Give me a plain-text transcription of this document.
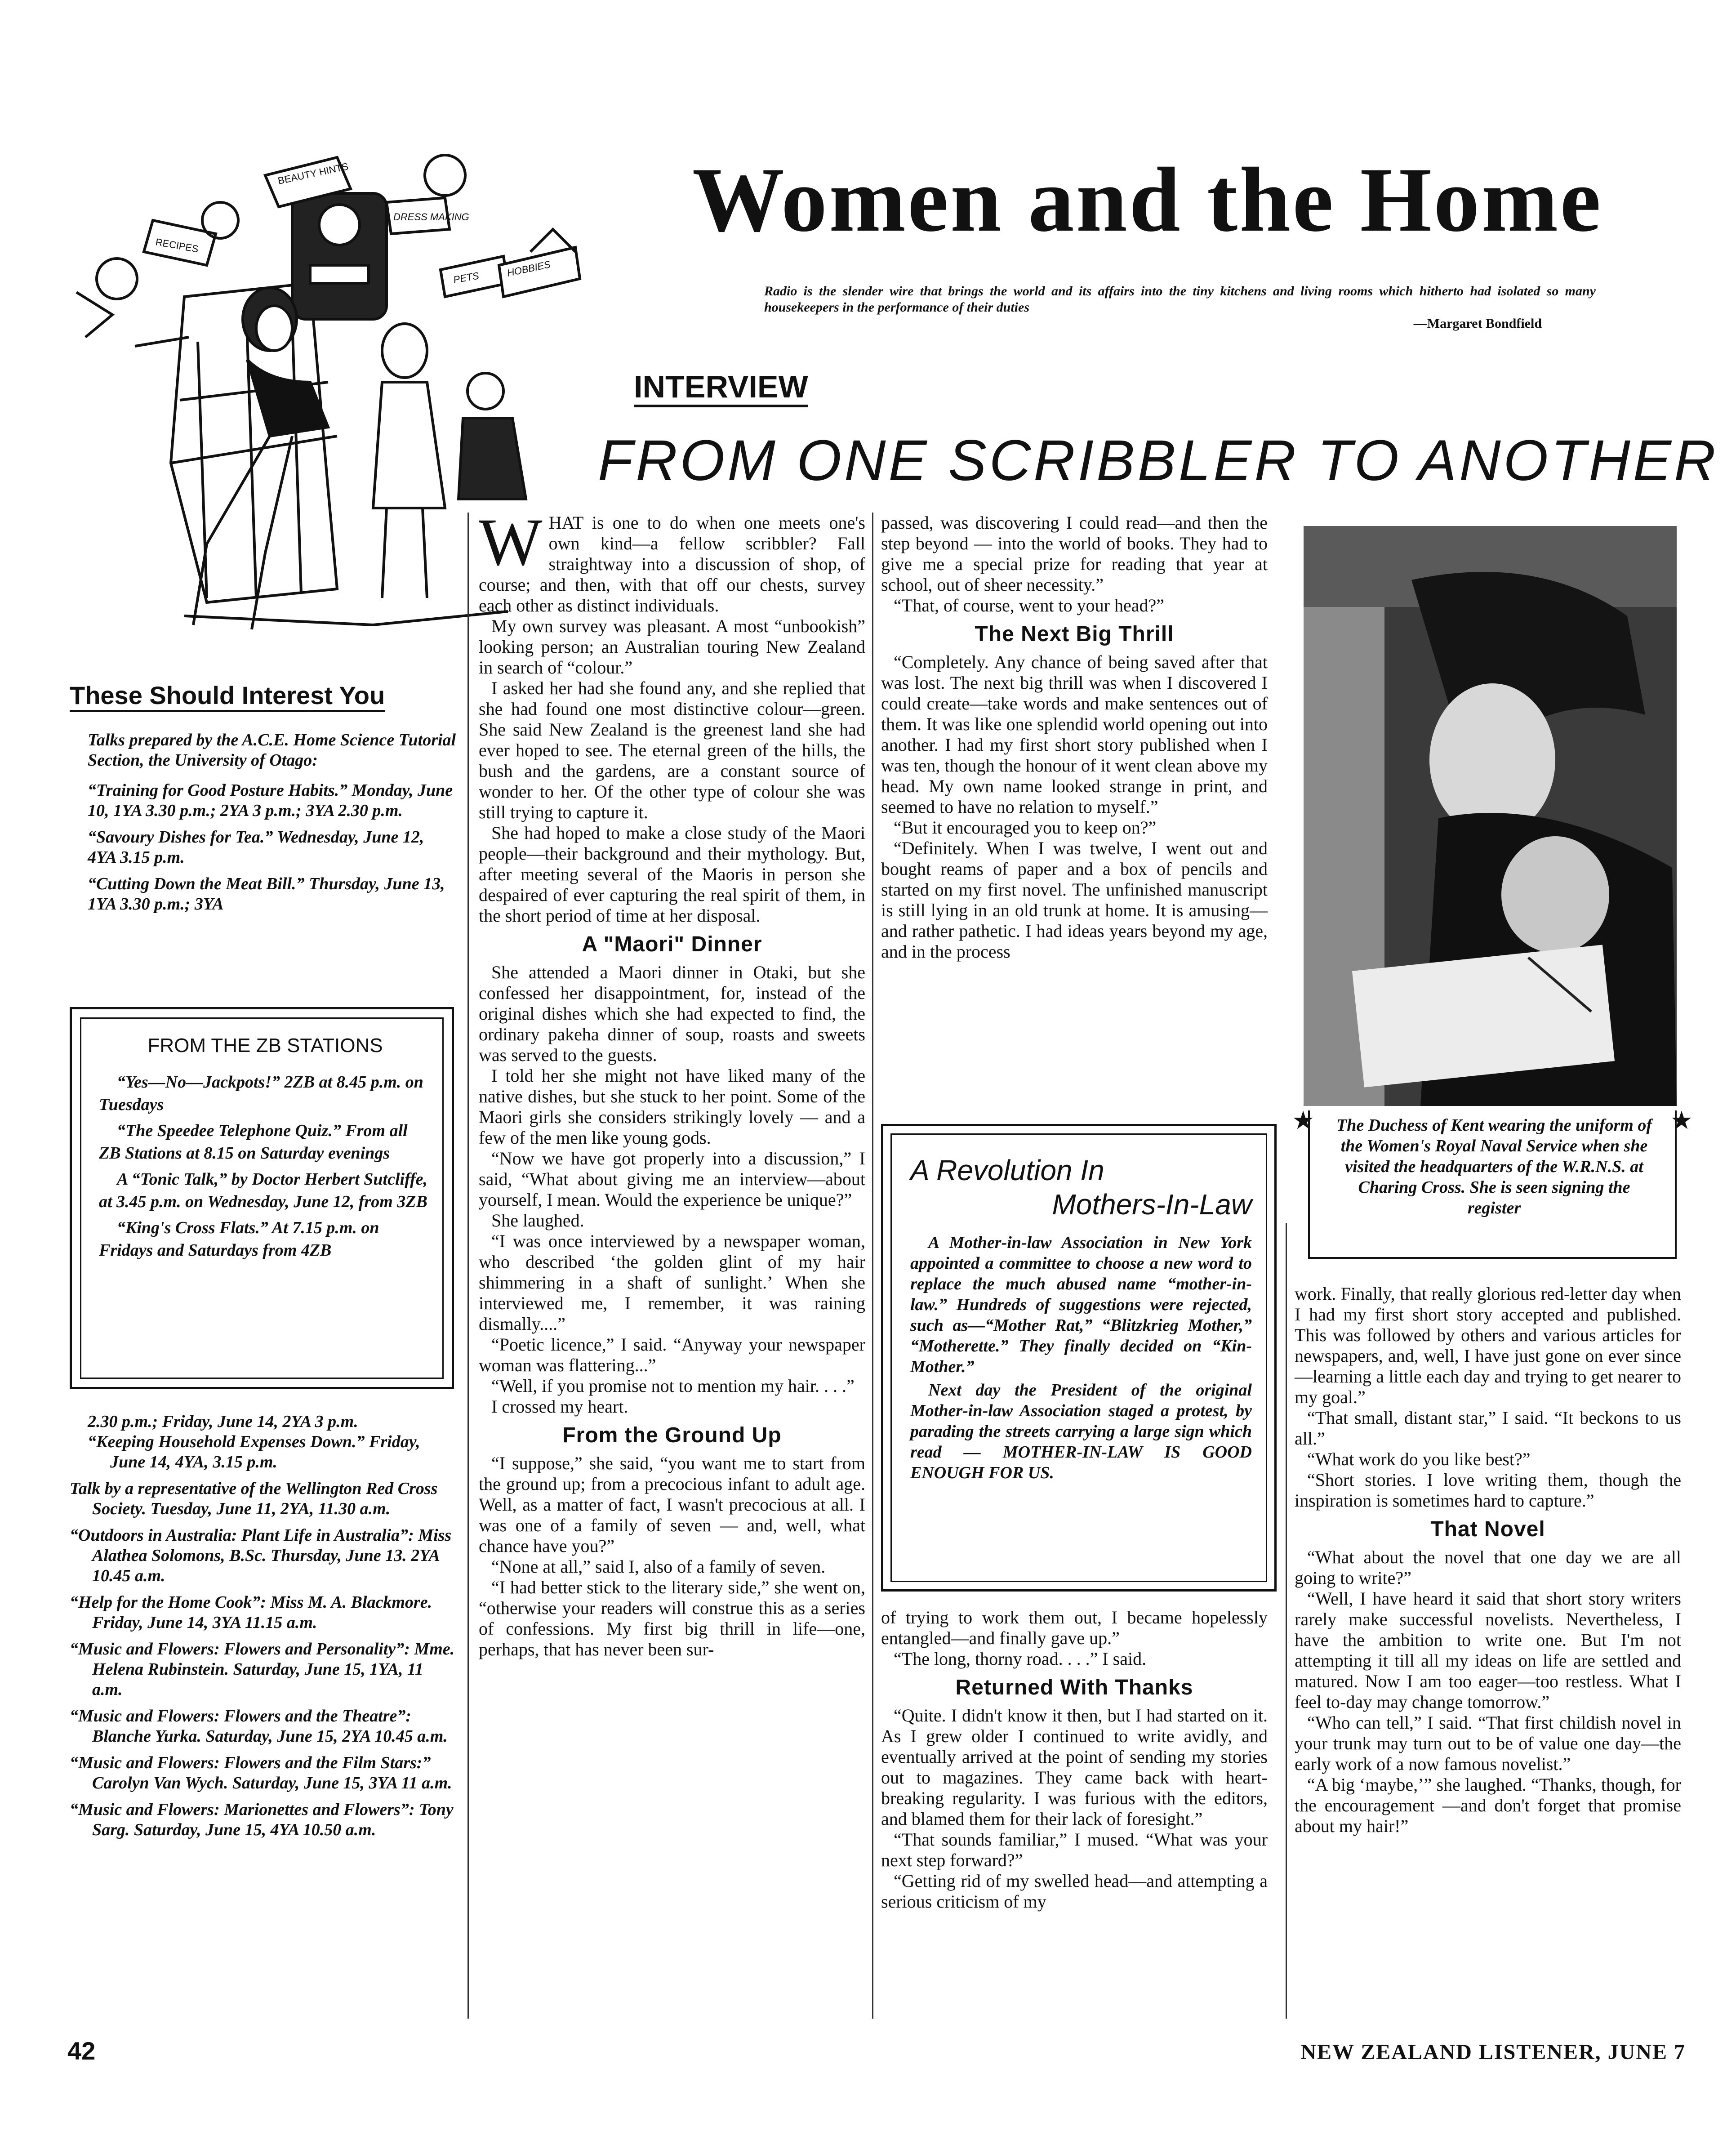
BEAUTY HINTS
RECIPES
DRESS MAKING
PETS	HOBBIES
Women and the Home
Radio is the slender wire that brings the world and its affairs into the tiny kitchens and living rooms which hitherto had isolated so many housekeepers in the performance of their duties
—Margaret Bondfield
INTERVIEW
FROM ONE SCRIBBLER TO ANOTHER
These Should Interest You

Talks prepared by the A.C.E. Home Science Tutorial Section, the University of Otago:

“Training for Good Posture Habits.” Monday, June 10, 1YA 3.30 p.m.; 2YA 3 p.m.; 3YA 2.30 p.m.

“Savoury Dishes for Tea.” Wednesday, June 12, 4YA 3.15 p.m.

“Cutting Down the Meat Bill.” Thursday, June 13, 1YA 3.30 p.m.; 3YA

FROM THE ZB STATIONS

“Yes—No—Jackpots!” 2ZB at 8.45 p.m. on Tuesdays

“The Speedee Telephone Quiz.” From all ZB Stations at 8.15 on Saturday evenings

A “Tonic Talk,” by Doctor Herbert Sutcliffe, at 3.45 p.m. on Wednesday, June 12, from 3ZB

“King's Cross Flats.” At 7.15 p.m. on Fridays and Saturdays from 4ZB

2.30 p.m.; Friday, June 14, 2YA 3 p.m.

“Keeping Household Expenses Down.” Friday, June 14, 4YA, 3.15 p.m.

Talk by a representative of the Wellington Red Cross Society. Tuesday, June 11, 2YA, 11.30 a.m.

“Outdoors in Australia: Plant Life in Australia”: Miss Alathea Solomons, B.Sc. Thursday, June 13. 2YA 10.45 a.m.

“Help for the Home Cook”: Miss M. A. Blackmore. Friday, June 14, 3YA 11.15 a.m.

“Music and Flowers: Flowers and Personality”: Mme. Helena Rubinstein. Saturday, June 15, 1YA, 11 a.m.

“Music and Flowers: Flowers and the Theatre”: Blanche Yurka. Saturday, June 15, 2YA 10.45 a.m.

“Music and Flowers: Flowers and the Film Stars:” Carolyn Van Wych. Saturday, June 15, 3YA 11 a.m.

“Music and Flowers: Marionettes and Flowers”: Tony Sarg. Saturday, June 15, 4YA 10.50 a.m.

WHAT is one to do when one meets one's own kind—a fellow scribbler? Fall straightway into a discussion of shop, of course; and then, with that off our chests, survey each other as distinct individuals.

My own survey was pleasant. A most “unbookish” looking person; an Australian touring New Zealand in search of “colour.”

I asked her had she found any, and she replied that she had found one most distinctive colour—green. She said New Zealand is the greenest land she had ever hoped to see. The eternal green of the hills, the bush and the gardens, are a constant source of wonder to her. Of the other type of colour she was still trying to capture it.

She had hoped to make a close study of the Maori people—their background and their mythology. But, after meeting several of the Maoris in person she despaired of ever capturing the real spirit of them, in the short period of time at her disposal.

A "Maori" Dinner

She attended a Maori dinner in Otaki, but she confessed her disappointment, for, instead of the original dishes which she had expected to find, the ordinary pakeha dinner of soup, roasts and sweets was served to the guests.

I told her she might not have liked many of the native dishes, but she stuck to her point. Some of the Maori girls she considers strikingly lovely — and a few of the men like young gods.

“Now we have got properly into a discussion,” I said, “What about giving me an interview—about yourself, I mean. Would the experience be unique?”

She laughed.

“I was once interviewed by a newspaper woman, who described ‘the golden glint of my hair shimmering in a shaft of sunlight.’ When she interviewed me, I remember, it was raining dismally....”

“Poetic licence,” I said. “Anyway your newspaper woman was flattering...”

“Well, if you promise not to mention my hair. . . .”

I crossed my heart.

From the Ground Up

“I suppose,” she said, “you want me to start from the ground up; from a precocious infant to adult age. Well, as a matter of fact, I wasn't precocious at all. I was one of a family of seven — and, well, what chance have you?”

“None at all,” said I, also of a family of seven.

“I had better stick to the literary side,” she went on, “otherwise your readers will construe this as a series of confessions. My first big thrill in life—one, perhaps, that has never been sur-

passed, was discovering I could read—and then the step beyond — into the world of books. They had to give me a special prize for reading that year at school, out of sheer necessity.”

“That, of course, went to your head?”

The Next Big Thrill

“Completely. Any chance of being saved after that was lost. The next big thrill was when I discovered I could create—take words and make sentences out of them. It was like one splendid world opening out into another. I had my first short story published when I was ten, though the honour of it went clean above my head. My own name looked strange in print, and seemed to have no relation to myself.”

“But it encouraged you to keep on?”

“Definitely. When I was twelve, I went out and bought reams of paper and a box of pencils and started on my first novel. The unfinished manuscript is still lying in an old trunk at home. It is amusing—and rather pathetic. I had ideas years beyond my age, and in the process

A Revolution In
Mothers-In-Law

A Mother-in-law Association in New York appointed a committee to choose a new word to replace the much abused name “mother-in-law.” Hundreds of suggestions were rejected, such as—“Mother Rat,” “Blitzkrieg Mother,” “Motherette.” They finally decided on “Kin-Mother.”

Next day the President of the original Mother-in-law Association staged a protest, by parading the streets carrying a large sign which read — MOTHER-IN-LAW IS GOOD ENOUGH FOR US.

of trying to work them out, I became hopelessly entangled—and finally gave up.”

“The long, thorny road. . . .” I said.

Returned With Thanks

“Quite. I didn't know it then, but I had started on it. As I grew older I continued to write avidly, and eventually arrived at the point of sending my stories out to magazines. They came back with heart-breaking regularity. I was furious with the editors, and blamed them for their lack of foresight.”

“That sounds familiar,” I mused. “What was your next step forward?”

“Getting rid of my swelled head—and attempting a serious criticism of my

★	★
The Duchess of Kent wearing the uniform of the Women's Royal Naval Service when she visited the headquarters of the W.R.N.S. at Charing Cross. She is seen signing the register

work. Finally, that really glorious red-letter day when I had my first short story accepted and published. This was followed by others and various articles for newspapers, and, well, I have just gone on ever since—learning a little each day and trying to get nearer to my goal.”

“That small, distant star,” I said. “It beckons to us all.”

“What work do you like best?”

“Short stories. I love writing them, though the inspiration is sometimes hard to capture.”

That Novel

“What about the novel that one day we are all going to write?”

“Well, I have heard it said that short story writers rarely make successful novelists. Nevertheless, I have the ambition to write one. But I'm not attempting it till all my ideas on life are settled and matured. Now I am too eager—too restless. What I feel to-day may change tomorrow.”

“Who can tell,” I said. “That first childish novel in your trunk may turn out to be of value one day—the early work of a now famous novelist.”

“A big ‘maybe,’” she laughed. “Thanks, though, for the encouragement —and don't forget that promise about my hair!”

42	NEW ZEALAND LISTENER, JUNE 7
